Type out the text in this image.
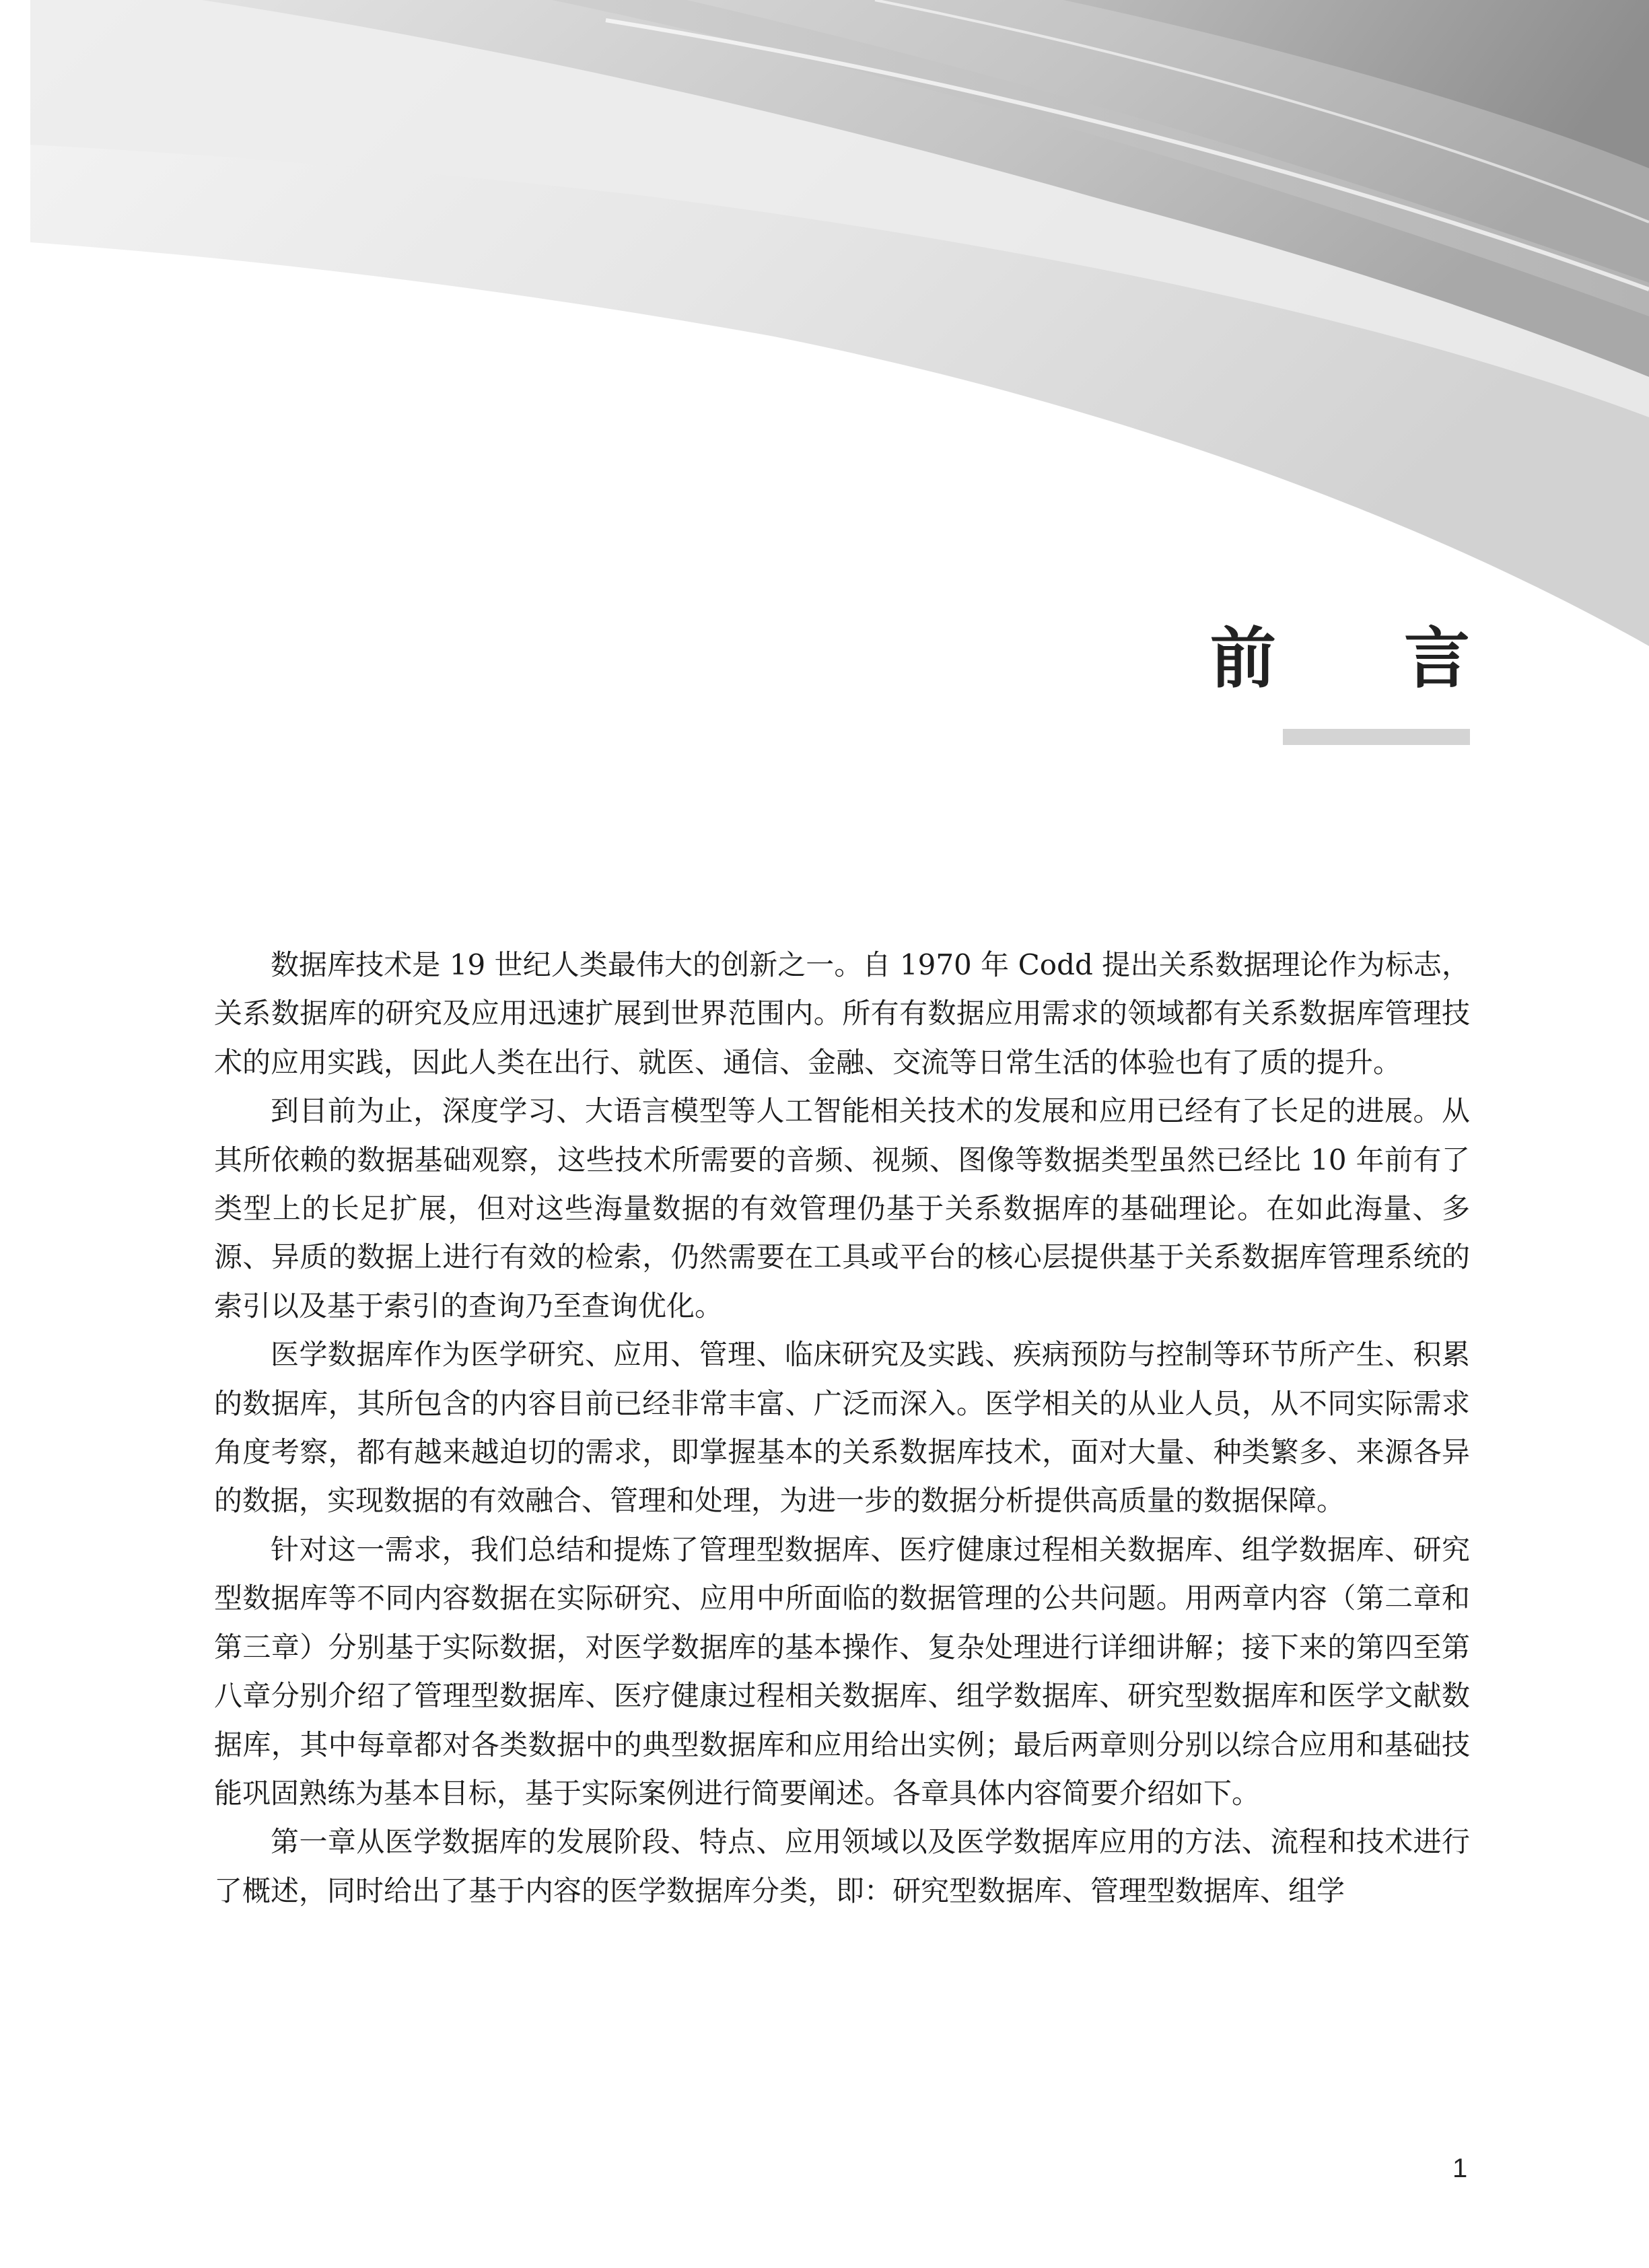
前 言

数据库技术是 19 世纪人类最伟大的创新之一。自 1970 年 Codd 提出关系数据理论作为标志，关系数据库的研究及应用迅速扩展到世界范围内。所有有数据应用需求的领域都有关系数据库管理技术的应用实践，因此人类在出行、就医、通信、金融、交流等日常生活的体验也有了质的提升。

到目前为止，深度学习、大语言模型等人工智能相关技术的发展和应用已经有了长足的进展。从其所依赖的数据基础观察，这些技术所需要的音频、视频、图像等数据类型虽然已经比 10 年前有了类型上的长足扩展，但对这些海量数据的有效管理仍基于关系数据库的基础理论。在如此海量、多源、异质的数据上进行有效的检索，仍然需要在工具或平台的核心层提供基于关系数据库管理系统的索引以及基于索引的查询乃至查询优化。

医学数据库作为医学研究、应用、管理、临床研究及实践、疾病预防与控制等环节所产生、积累的数据库，其所包含的内容目前已经非常丰富、广泛而深入。医学相关的从业人员，从不同实际需求角度考察，都有越来越迫切的需求，即掌握基本的关系数据库技术，面对大量、种类繁多、来源各异的数据，实现数据的有效融合、管理和处理，为进一步的数据分析提供高质量的数据保障。

针对这一需求，我们总结和提炼了管理型数据库、医疗健康过程相关数据库、组学数据库、研究型数据库等不同内容数据在实际研究、应用中所面临的数据管理的公共问题。用两章内容（第二章和第三章）分别基于实际数据，对医学数据库的基本操作、复杂处理进行详细讲解；接下来的第四至第八章分别介绍了管理型数据库、医疗健康过程相关数据库、组学数据库、研究型数据库和医学文献数据库，其中每章都对各类数据中的典型数据库和应用给出实例；最后两章则分别以综合应用和基础技能巩固熟练为基本目标，基于实际案例进行简要阐述。各章具体内容简要介绍如下。

第一章从医学数据库的发展阶段、特点、应用领域以及医学数据库应用的方法、流程和技术进行了概述，同时给出了基于内容的医学数据库分类，即：研究型数据库、管理型数据库、组学

1
